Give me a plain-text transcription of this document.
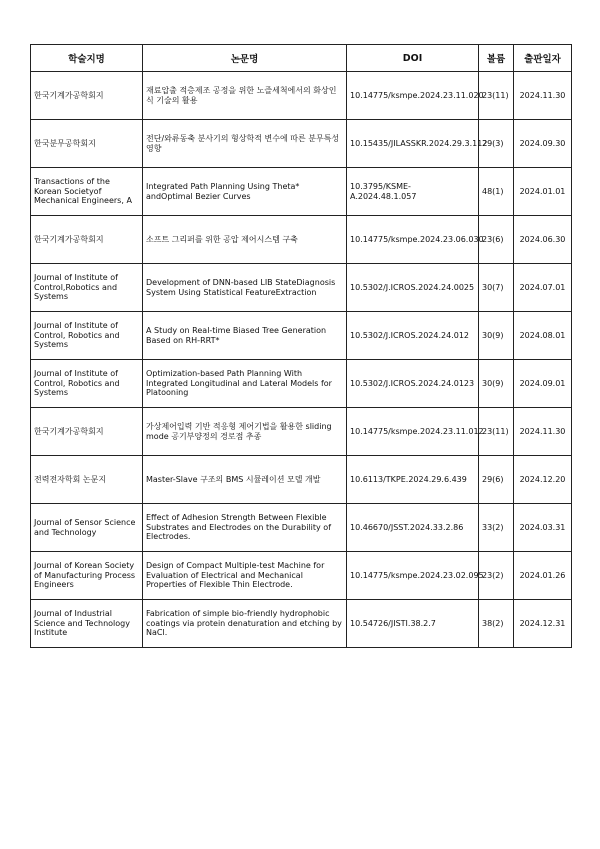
학술지명	논문명	DOI	볼륨	출판일자
한국기계가공학회지	재료압출 적층제조 공정을 위한 노즐세척에서의 화상인식 기술의 활용	10.14775/ksmpe.2024.23.11.020	23(11)	2024.11.30
한국분무공학회지	전단/와류동축 분사기의 형상학적 변수에 따른 분무특성 영향	10.15435/JILASSKR.2024.29.3.112	29(3)	2024.09.30
Transactions of the Korean Societyof Mechanical Engineers, A	Integrated Path Planning Using Theta* andOptimal Bezier Curves	10.3795/KSME-A.2024.48.1.057	48(1)	2024.01.01
한국기계가공학회지	소프트 그리퍼를 위한 공압 제어시스템 구축	10.14775/ksmpe.2024.23.06.030	23(6)	2024.06.30
Journal of Institute of Control,Robotics and Systems	Development of DNN-based LIB StateDiagnosis System Using Statistical FeatureExtraction	10.5302/J.ICROS.2024.24.0025	30(7)	2024.07.01
Journal of Institute of Control, Robotics and Systems	A Study on Real-time Biased Tree Generation Based on RH-RRT*	10.5302/J.ICROS.2024.24.012	30(9)	2024.08.01
Journal of Institute of Control, Robotics and Systems	Optimization-based Path Planning With Integrated Longitudinal and Lateral Models for Platooning	10.5302/J.ICROS.2024.24.0123	30(9)	2024.09.01
한국기계가공학회지	가상제어입력 기반 적응형 제어기법을 활용한 sliding mode 공기부양정의 경로점 추종	10.14775/ksmpe.2024.23.11.012	23(11)	2024.11.30
전력전자학회 논문지	Master-Slave 구조의 BMS 시뮬레이션 모델 개발	10.6113/TKPE.2024.29.6.439	29(6)	2024.12.20
Journal of Sensor Science and Technology	Effect of Adhesion Strength Between Flexible Substrates and Electrodes on the Durability of Electrodes.	10.46670/JSST.2024.33.2.86	33(2)	2024.03.31
Journal of Korean Society of Manufacturing Process Engineers	Design of Compact Multiple-test Machine for Evaluation of Electrical and Mechanical Properties of Flexible Thin Electrode.	10.14775/ksmpe.2024.23.02.095	23(2)	2024.01.26
Journal of Industrial Science and Technology Institute	Fabrication of simple bio-friendly hydrophobic coatings via protein denaturation and etching by NaCl.	10.54726/JISTI.38.2.7	38(2)	2024.12.31
